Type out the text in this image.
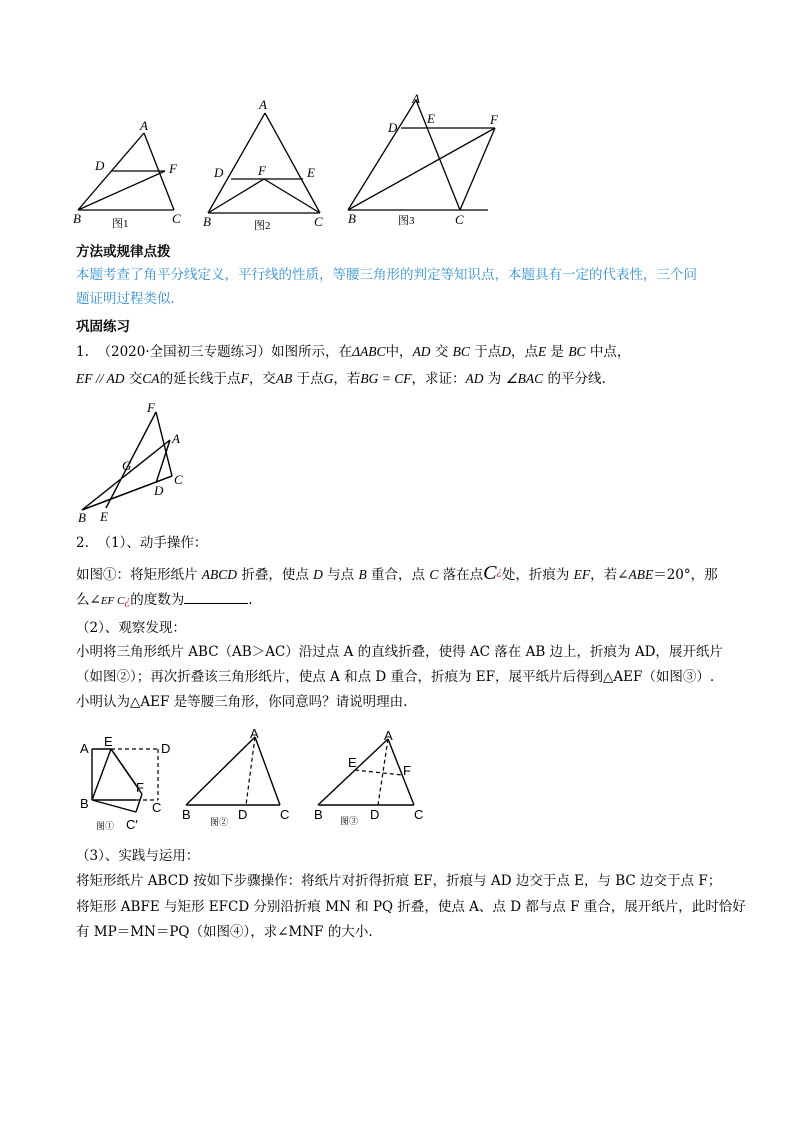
A
D	F
B	C
图1
A
F
D	E
B	C
图2
A
D
E	F
B	C
图3
方法或规律点拨
本题考查了角平分线定义，平行线的性质，等腰三角形的判定等知识点，本题具有一定的代表性，三个问
题证明过程类似.
巩固练习
1. （2020·全国初三专题练习）如图所示，在ΔABC中，AD 交 BC 于点D，点E 是 BC 中点，
EF // AD 交CA的延长线于点F，交AB 于点G，若BG = CF，求证：AD 为 ∠BAC 的平分线.
F
A
G
C
D
B E
2. （1）、动手操作：
如图①：将矩形纸片 ABCD 折叠，使点 D 与点 B 重合，点 C 落在点C¿处，折痕为 EF，若∠ABE＝20°，那
么∠EF C¿的度数为	.
（2）、观察发现：
小明将三角形纸片 ABC（AB＞AC）沿过点 A 的直线折叠，使得 AC 落在 AB 边上，折痕为 AD，展开纸片
（如图②）；再次折叠该三角形纸片，使点 A 和点 D 重合，折痕为 EF，展平纸片后得到△AEF（如图③）.
小明认为△AEF 是等腰三角形，你同意吗？请说明理由.
A E	D
F
B	C
C′
图①
A
B	D	C
图②
A
E
F
B	D	C
图③
（3）、实践与运用：
将矩形纸片 ABCD 按如下步骤操作：将纸片对折得折痕 EF，折痕与 AD 边交于点 E，与 BC 边交于点 F；
将矩形 ABFE 与矩形 EFCD 分别沿折痕 MN 和 PQ 折叠，使点 A、点 D 都与点 F 重合，展开纸片，此时恰好
有 MP＝MN＝PQ（如图④），求∠MNF 的大小.
